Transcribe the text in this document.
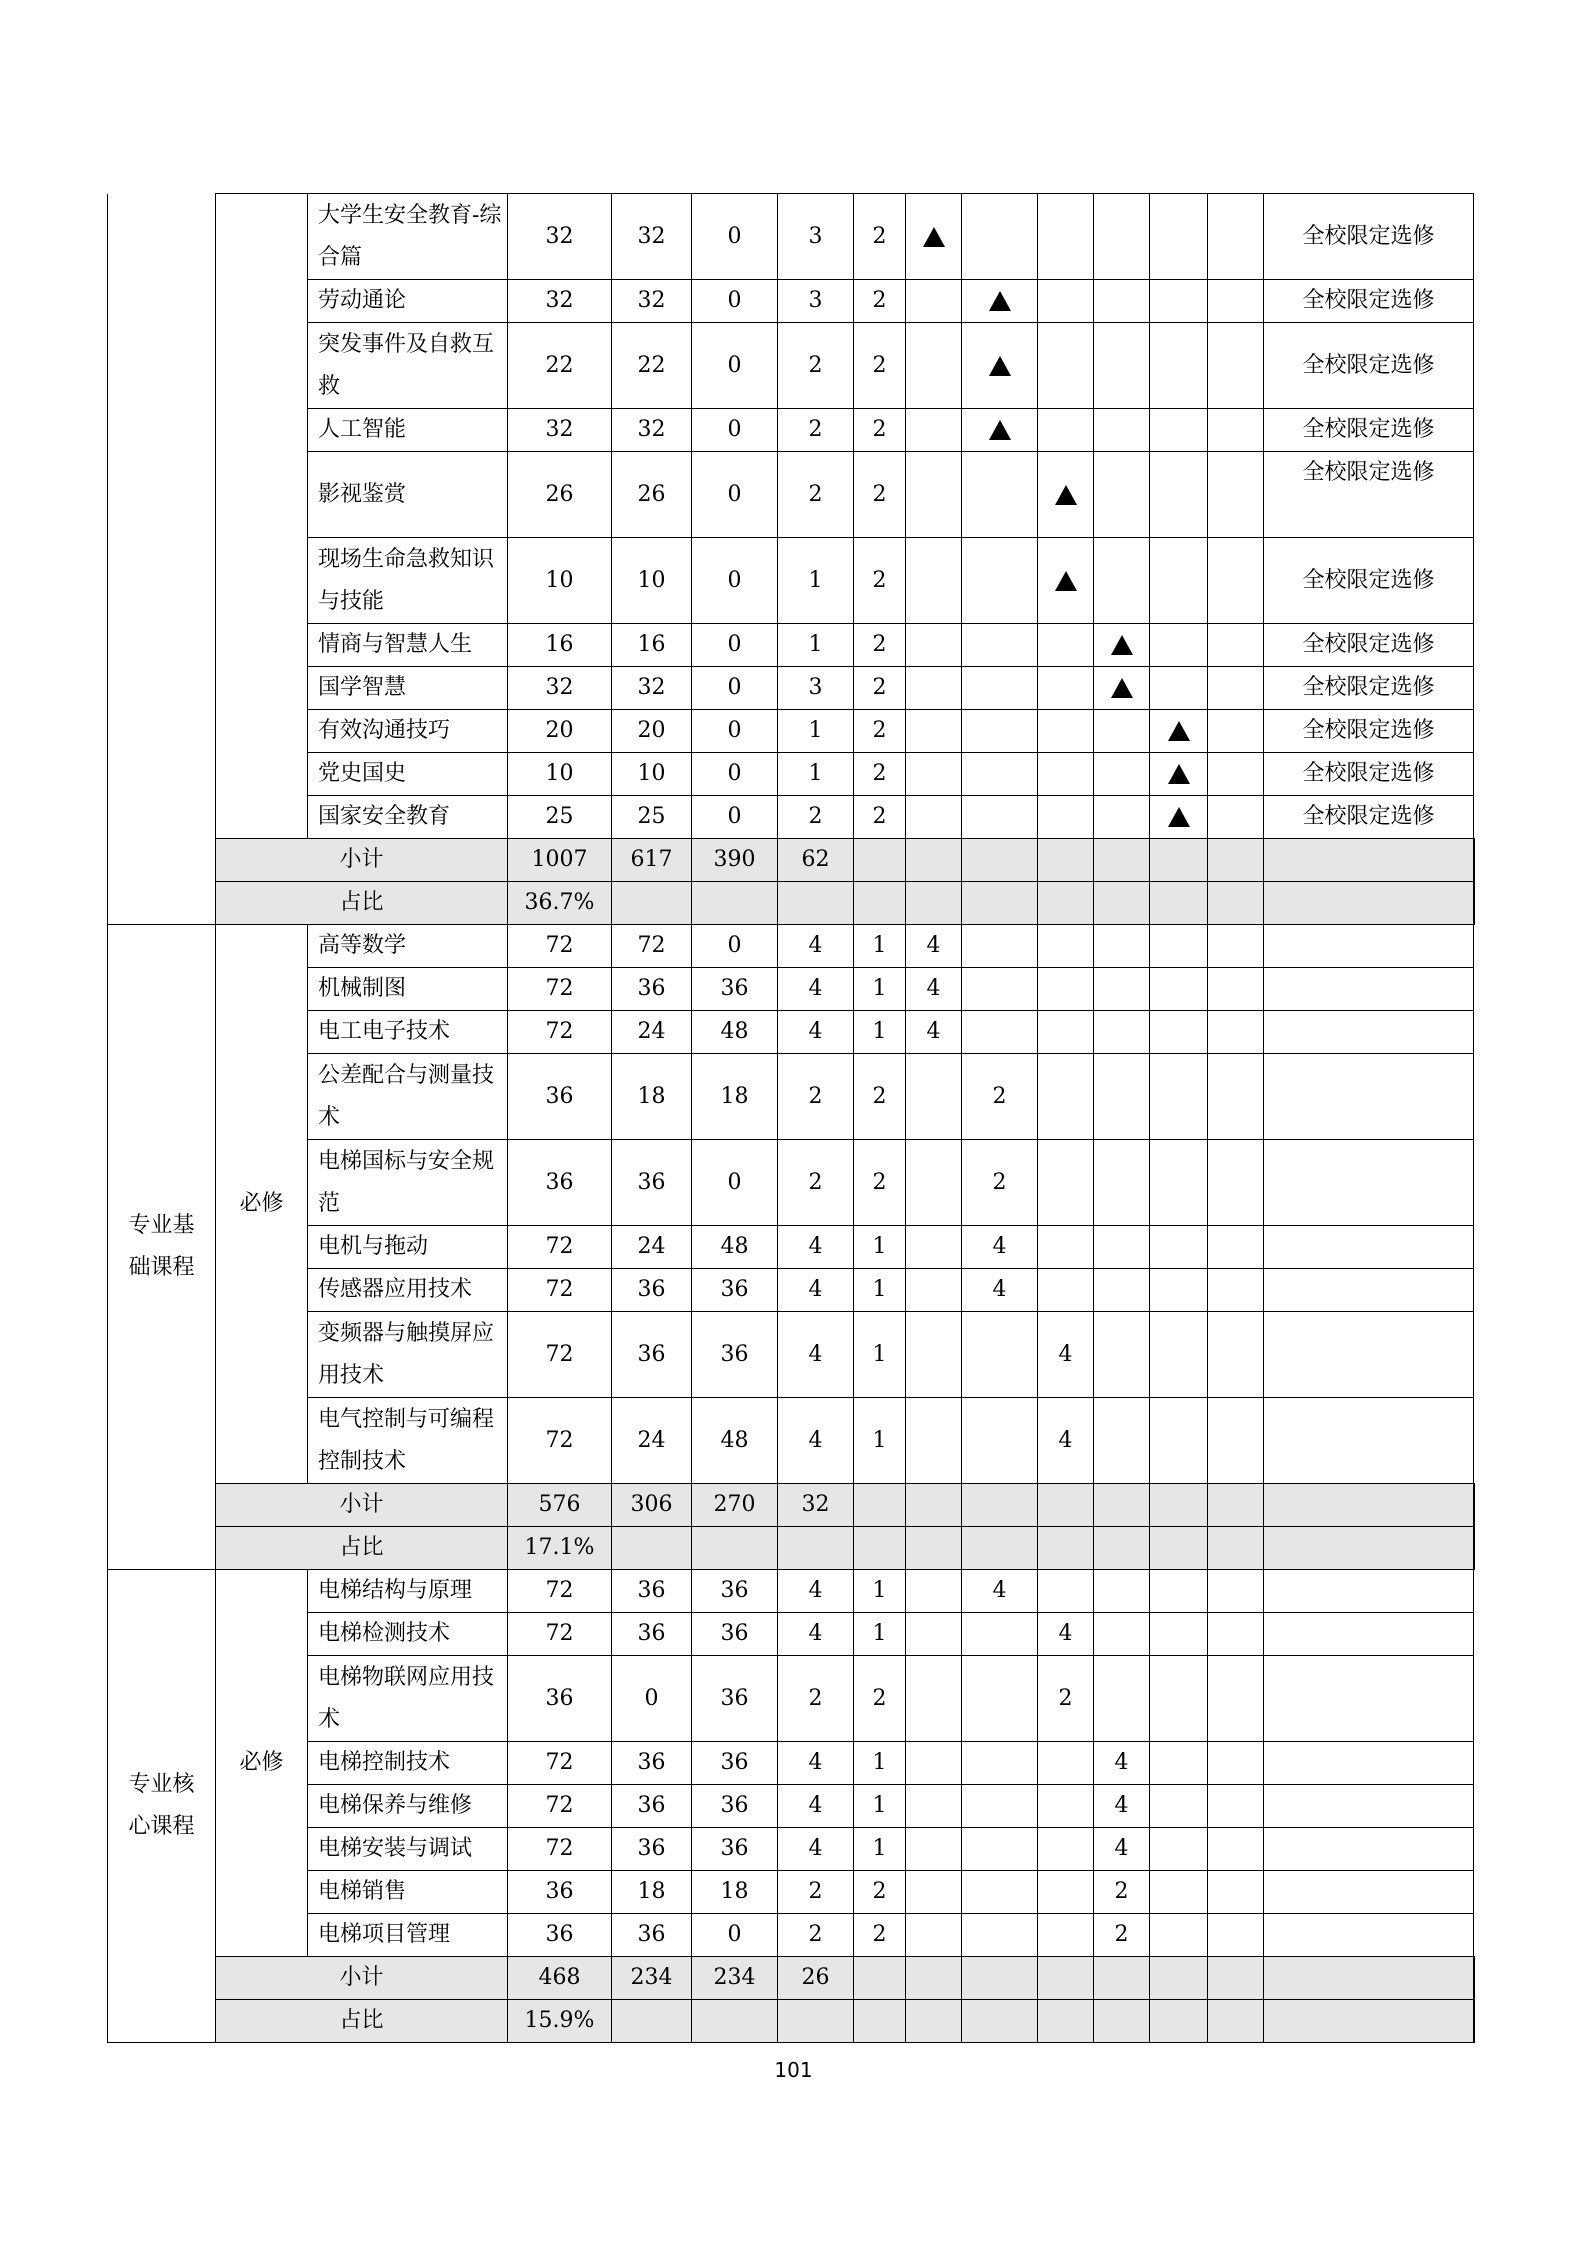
		大学生安全教育-综合篇	32	32	0	3	2							全校限定选修	
		劳动通论	32	32	0	3	2							全校限定选修	
		突发事件及自救互救	22	22	0	2	2							全校限定选修	
		人工智能	32	32	0	2	2							全校限定选修	
		影视鉴赏	26	26	0	2	2							全校限定选修	
		现场生命急救知识与技能	10	10	0	1	2							全校限定选修	
		情商与智慧人生	16	16	0	1	2							全校限定选修	
		国学智慧	32	32	0	3	2							全校限定选修	
		有效沟通技巧	20	20	0	1	2							全校限定选修	
		党史国史	10	10	0	1	2							全校限定选修	
		国家安全教育	25	25	0	2	2							全校限定选修	
	小计		1007	617	390	62									
	占比		36.7%												
专业基础课程	必修	高等数学	72	72	0	4	1	4							
		机械制图	72	36	36	4	1	4							
		电工电子技术	72	24	48	4	1	4							
		公差配合与测量技术	36	18	18	2	2		2						
		电梯国标与安全规范	36	36	0	2	2		2						
		电机与拖动	72	24	48	4	1		4						
		传感器应用技术	72	36	36	4	1		4						
		变频器与触摸屏应用技术	72	36	36	4	1			4					
		电气控制与可编程控制技术	72	24	48	4	1			4					
	小计		576	306	270	32									
	占比		17.1%												
专业核心课程	必修	电梯结构与原理	72	36	36	4	1		4						
		电梯检测技术	72	36	36	4	1			4					
		电梯物联网应用技术	36	0	36	2	2			2					
		电梯控制技术	72	36	36	4	1				4				
		电梯保养与维修	72	36	36	4	1				4				
		电梯安装与调试	72	36	36	4	1				4				
		电梯销售	36	18	18	2	2				2				
		电梯项目管理	36	36	0	2	2				2				
	小计		468	234	234	26									
	占比		15.9%												
101
